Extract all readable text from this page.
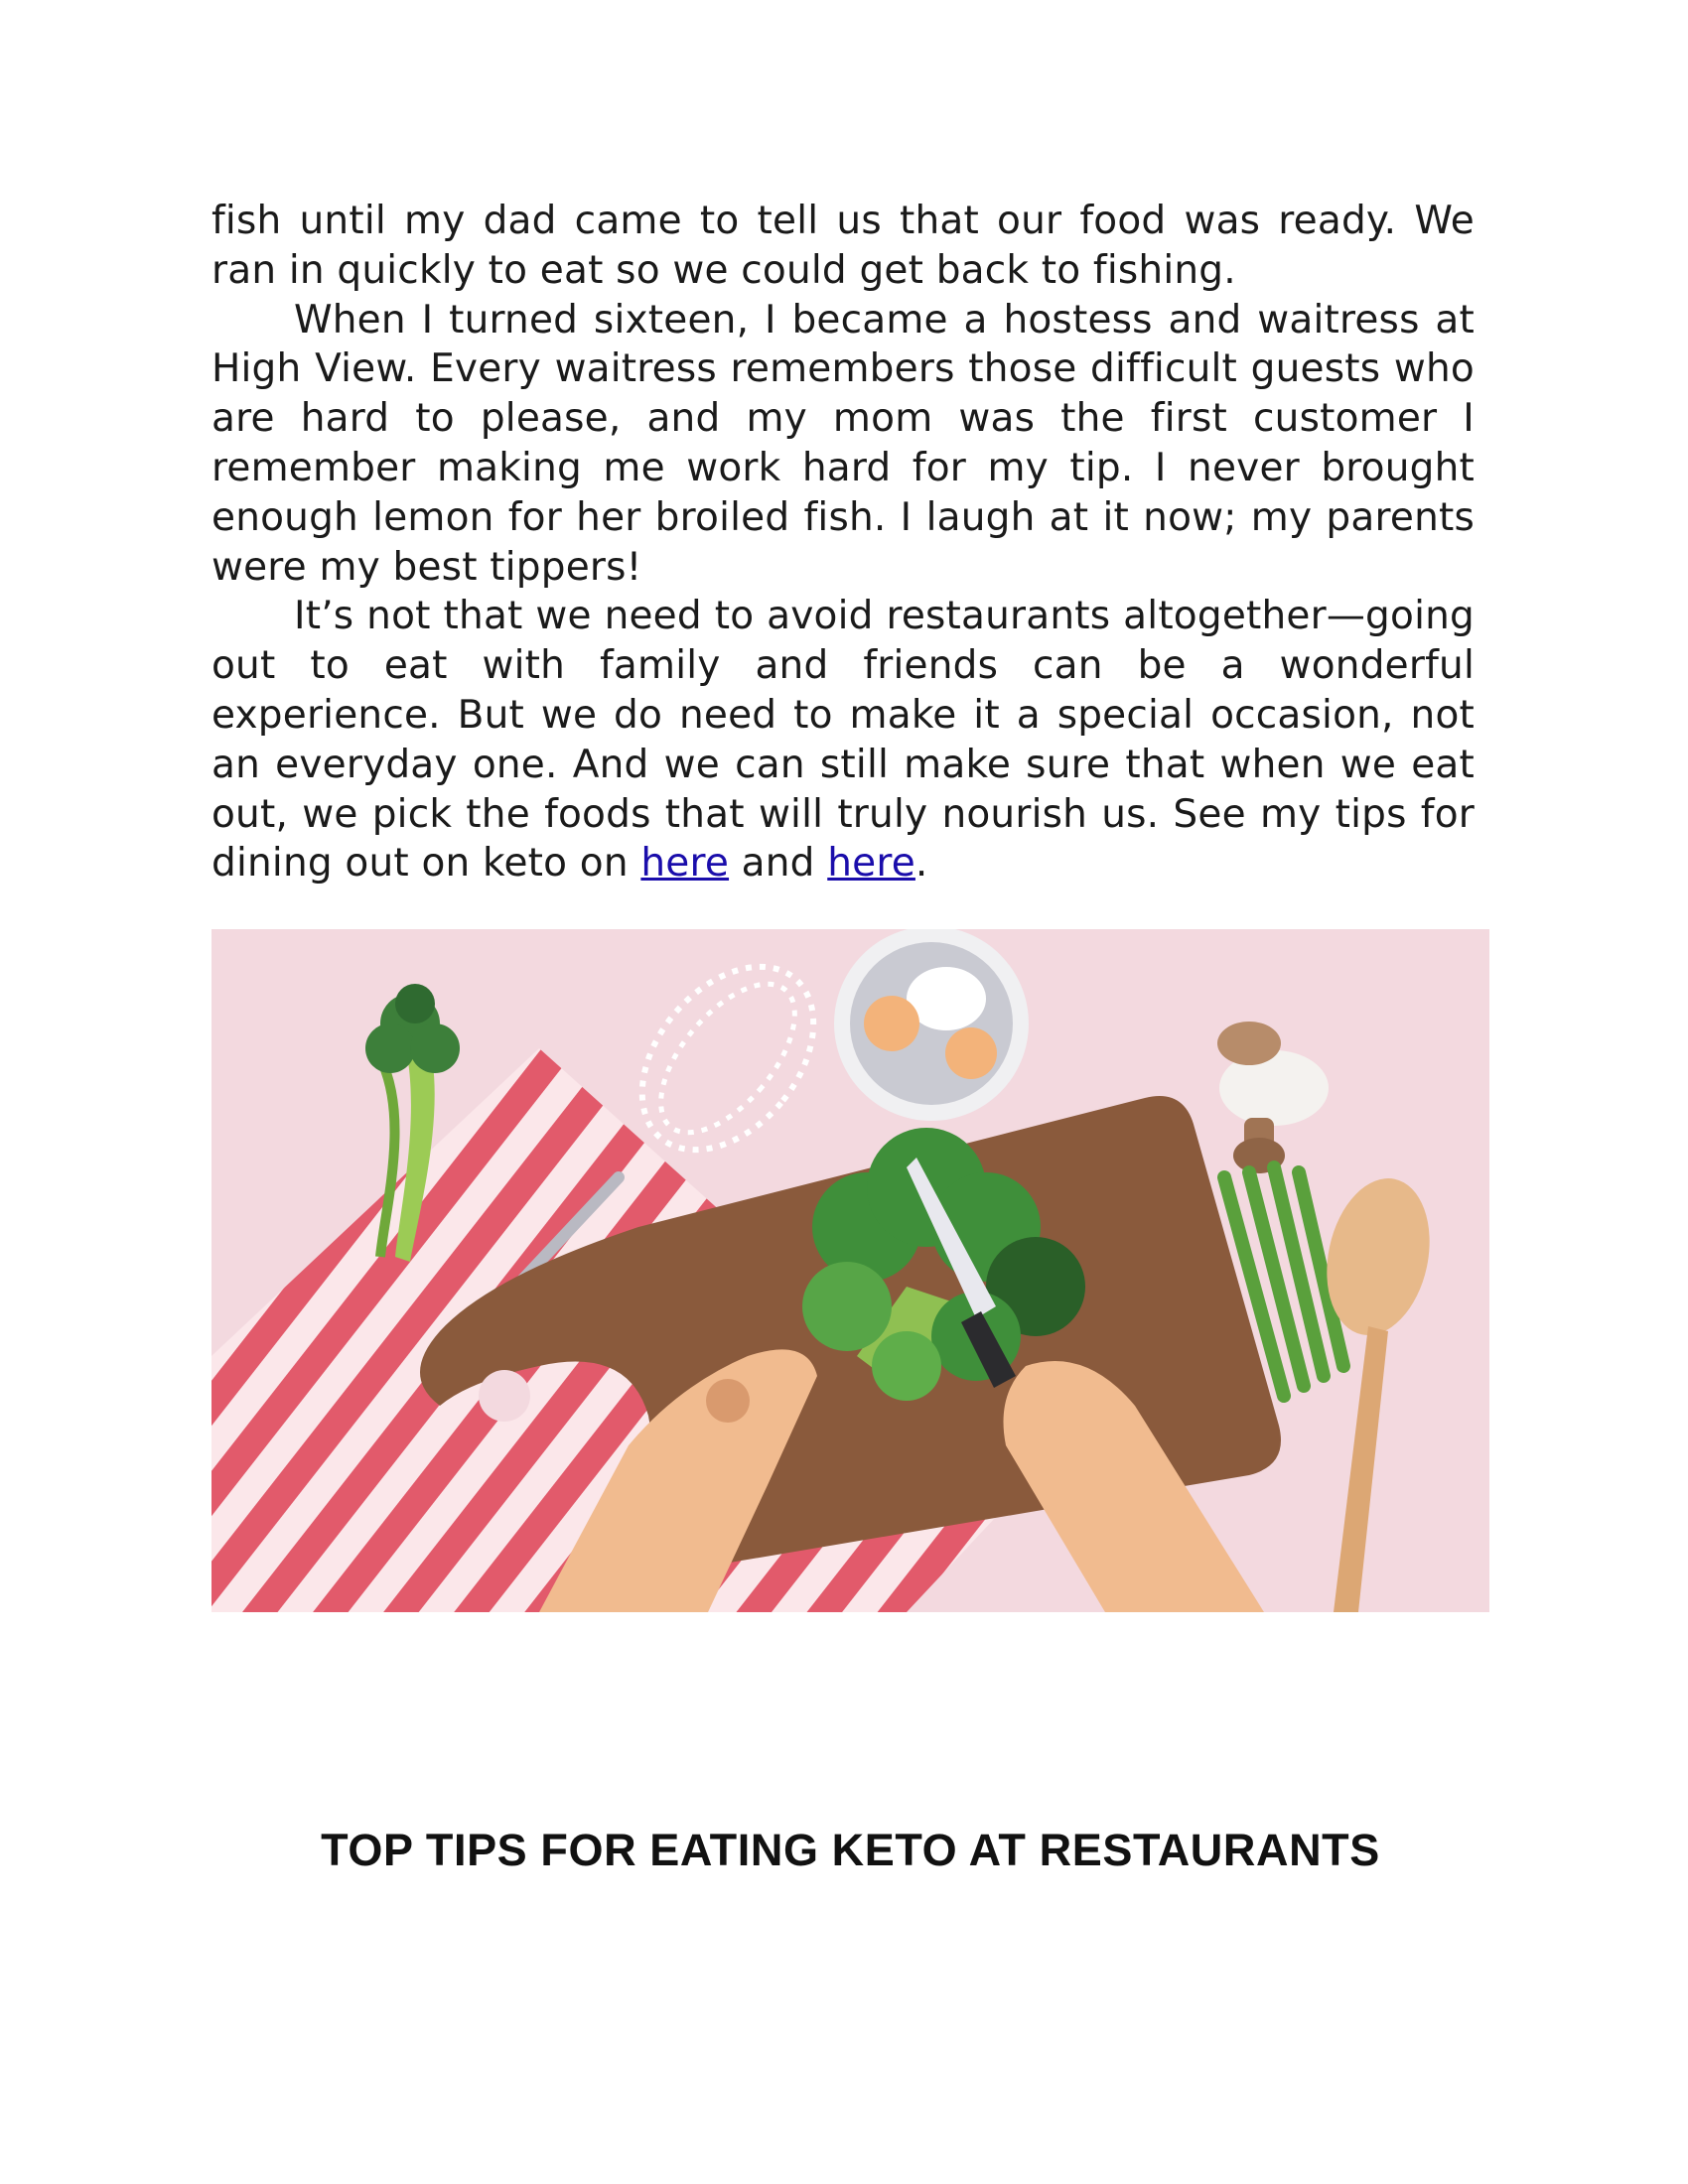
fish until my dad came to tell us that our food was ready. We ran in quickly to eat so we could get back to fishing.

When I turned sixteen, I became a hostess and waitress at High View. Every waitress remembers those difficult guests who are hard to please, and my mom was the first customer I remember making me work hard for my tip. I never brought enough lemon for her broiled fish. I laugh at it now; my parents were my best tippers!

It’s not that we need to avoid restaurants altogether—going out to eat with family and friends can be a wonderful experience. But we do need to make it a special occasion, not an everyday one. And we can still make sure that when we eat out, we pick the foods that will truly nourish us. See my tips for dining out on keto on here and here.

TOP TIPS FOR EATING KETO AT RESTAURANTS
